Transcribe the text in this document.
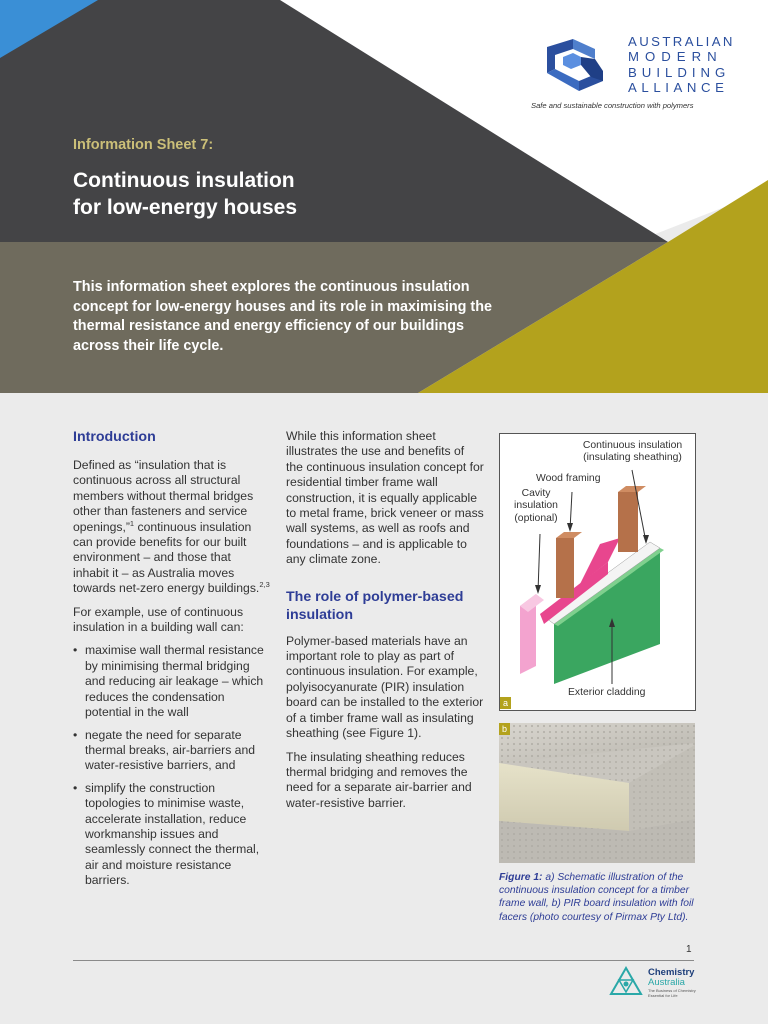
AUSTRALIAN
MODERN
BUILDING
ALLIANCE
Safe and sustainable construction with polymers
Information Sheet 7:
Continuous insulation
for low-energy houses
This information sheet explores the continuous insulation concept for low-energy houses and its role in maximising the thermal resistance and energy efficiency of our buildings across their life cycle.
Introduction

Defined as “insulation that is continuous across all structural members without thermal bridges other than fasteners and service openings,”$^1$ continuous insulation can provide benefits for our built environment – and those that inhabit it – as Australia moves towards net-zero energy buildings.$^{2,3}$

For example, use of continuous insulation in a building wall can:

• maximise wall thermal resistance by minimising thermal bridging and reducing air leakage – which reduces the condensation potential in the wall
• negate the need for separate thermal breaks, air-barriers and water-resistive barriers, and
• simplify the construction topologies to minimise waste, accelerate installation, reduce workmanship issues and seamlessly connect the thermal, air and moisture resistance barriers.

While this information sheet illustrates the use and benefits of the continuous insulation concept for residential timber frame wall construction, it is equally applicable to metal frame, brick veneer or mass wall systems, as well as roofs and foundations – and is applicable to any climate zone.

The role of polymer-based insulation

Polymer-based materials have an important role to play as part of continuous insulation. For example, polyisocyanurate (PIR) insulation board can be installed to the exterior of a timber frame wall as insulating sheathing (see Figure 1).

The insulating sheathing reduces thermal bridging and removes the need for a separate air-barrier and water-resistive barrier.

Continuous insulation
(insulating sheathing)
Wood framing
Cavity
insulation
(optional)
Exterior cladding
a
b
Figure 1: a) Schematic illustration of the continuous insulation concept for a timber frame wall, b) PIR board insulation with foil facers (photo courtesy of Pirmax Pty Ltd).
1
Chemistry
Australia
The Business of Chemistry
Essential for Life
